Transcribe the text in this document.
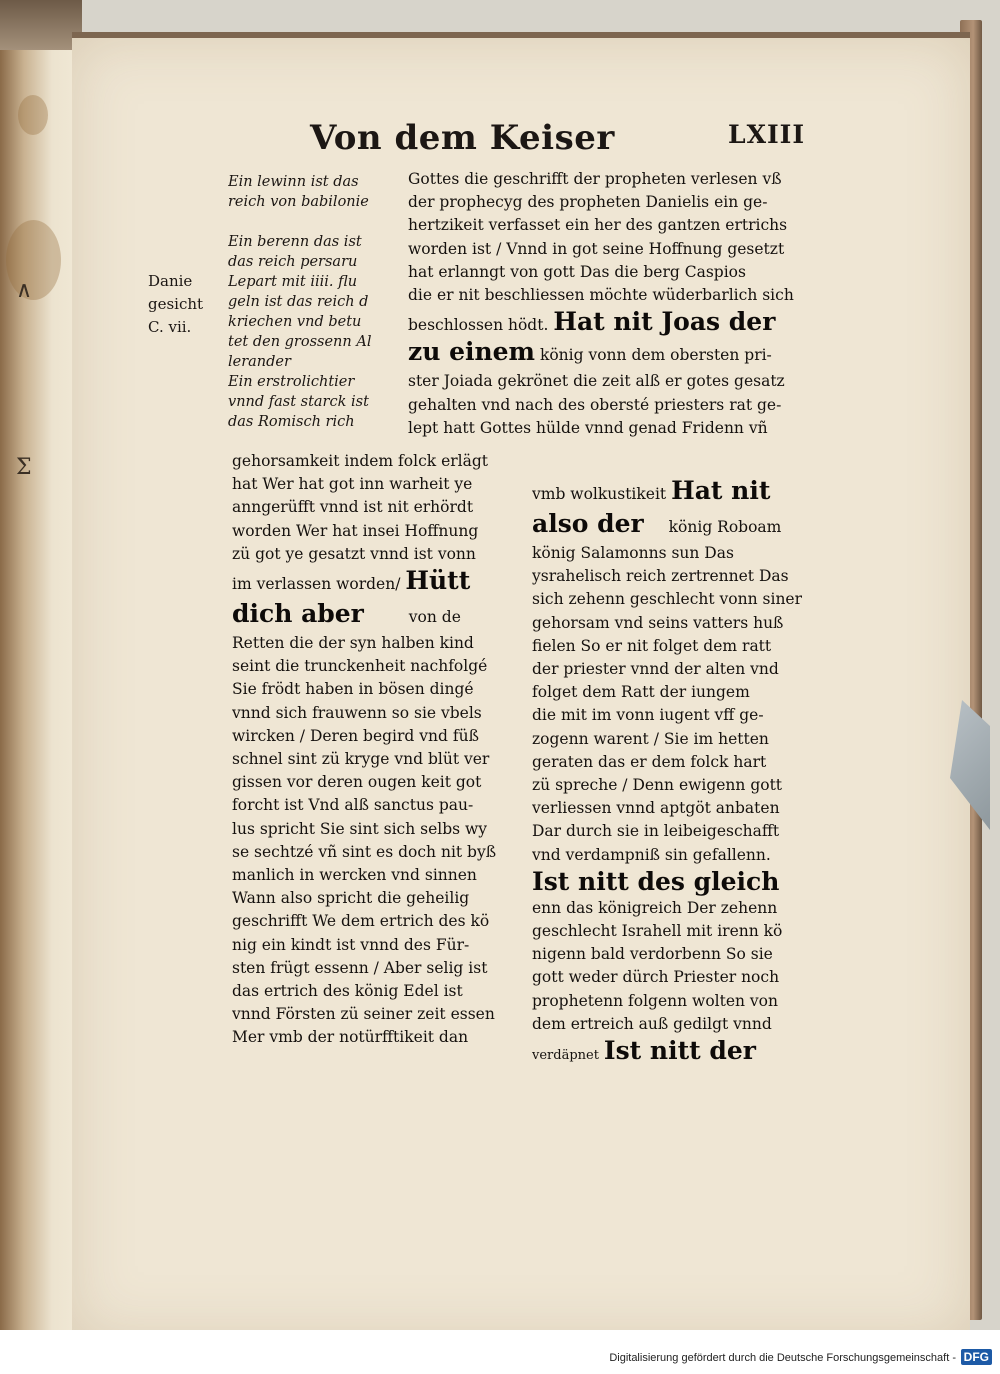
∧
Σ
Von dem Keiser	LXIII
Danie
gesicht
C. vii.
Ein lewinn ist das
reich von babilonie
Ein berenn das ist
das reich persaru
Lepart mit iiii. flu
geln ist das reich d
kriechen vnd betu
tet den grossenn Al
lerander
Ein erstrolichtier
vnnd fast starck ist
das Romisch rich
Gottes die geschrifft der propheten verlesen vß
der prophecyg des propheten Danielis ein ge-
hertzikeit verfasset ein her des gantzen ertrichs
worden ist / Vnnd in got seine Hoffnung gesetzt
hat erlanngt von gott Das die berg Caspios
die er nit beschliessen möchte wüderbarlich sich
beschlossen hödt. Hat nit Joas der
zu einem könig vonn dem obersten pri-
ster Joiada gekrönet die zeit alß er gotes gesatz
gehalten vnd nach des obersté priesters rat ge-
lept hatt Gottes hülde vnnd genad Fridenn vñ
gehorsamkeit indem folck erlägt
hat Wer hat got inn warheit ye
anngerüfft vnnd ist nit erhördt
worden Wer hat insei Hoffnung
zü got ye gesatzt vnnd ist vonn
im verlassen worden/ Hütt
dich aber	von de
Retten die der syn halben kind
seint die trunckenheit nachfolgé
Sie frödt haben in bösen dingé
vnnd sich frauwenn so sie vbels
wircken / Deren begird vnd füß
schnel sint zü kryge vnd blüt ver
gissen vor deren ougen keit got
forcht ist Vnd alß sanctus pau-
lus spricht Sie sint sich selbs wy
se sechtzé vñ sint es doch nit byß
manlich in wercken vnd sinnen
Wann also spricht die geheilig
geschrifft We dem ertrich des kö
nig ein kindt ist vnnd des Für-
sten frügt essenn / Aber selig ist
das ertrich des könig Edel ist
vnnd Försten zü seiner zeit essen
Mer vmb der notürfftikeit dan
vmb wolkustikeit Hat nit
also der könig Roboam
könig Salamonns sun Das
ysrahelisch reich zertrennet Das
sich zehenn geschlecht vonn siner
gehorsam vnd seins vatters huß
fielen So er nit folget dem ratt
der priester vnnd der alten vnd
folget dem Ratt der iungem
die mit im vonn iugent vff ge-
zogenn warent / Sie im hetten
geraten das er dem folck hart
zü spreche / Denn ewigenn gott
verliessen vnnd aptgöt anbaten
Dar durch sie in leibeigeschafft
vnd verdampniß sin gefallenn.
Ist nitt des gleich
enn das königreich Der zehenn
geschlecht Israhell mit irenn kö
nigenn bald verdorbenn So sie
gott weder dürch Priester noch
prophetenn folgenn wolten von
dem ertreich auß gedilgt vnnd
verdäpnet Ist nitt der
Digitalisierung gefördert durch die Deutsche Forschungsgemeinschaft - DFG
